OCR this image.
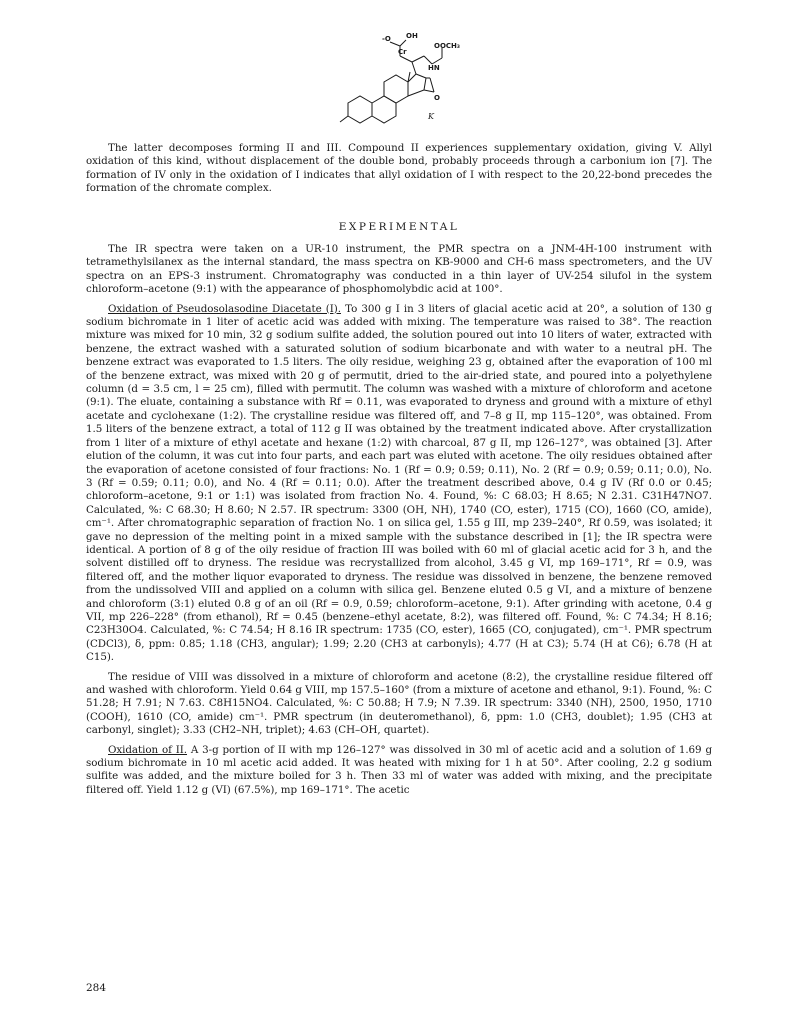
-O OH
Cr
OOCH₃
HN
O
K

The latter decomposes forming II and III. Compound II experiences supplementary oxidation, giving V. Allyl oxidation of this kind, without displacement of the double bond, probably proceeds through a carbonium ion [7]. The formation of IV only in the oxidation of I indicates that allyl oxidation of I with respect to the 20,22-bond precedes the formation of the chromate complex.

EXPERIMENTAL

The IR spectra were taken on a UR-10 instrument, the PMR spectra on a JNM-4H-100 instrument with tetramethylsilanex as the internal standard, the mass spectra on KB-9000 and CH-6 mass spectrometers, and the UV spectra on an EPS-3 instrument. Chromatography was conducted in a thin layer of UV-254 silufol in the system chloroform–acetone (9:1) with the appearance of phosphomolybdic acid at 100°.

Oxidation of Pseudosolasodine Diacetate (I). To 300 g I in 3 liters of glacial acetic acid at 20°, a solution of 130 g sodium bichromate in 1 liter of acetic acid was added with mixing. The temperature was raised to 38°. The reaction mixture was mixed for 10 min, 32 g sodium sulfite added, the solution poured out into 10 liters of water, extracted with benzene, the extract washed with a saturated solution of sodium bicarbonate and with water to a neutral pH. The benzene extract was evaporated to 1.5 liters. The oily residue, weighing 23 g, obtained after the evaporation of 100 ml of the benzene extract, was mixed with 20 g of permutit, dried to the air-dried state, and poured into a polyethylene column (d = 3.5 cm, l = 25 cm), filled with permutit. The column was washed with a mixture of chloroform and acetone (9:1). The eluate, containing a substance with Rf = 0.11, was evaporated to dryness and ground with a mixture of ethyl acetate and cyclohexane (1:2). The crystalline residue was filtered off, and 7–8 g II, mp 115–120°, was obtained. From 1.5 liters of the benzene extract, a total of 112 g II was obtained by the treatment indicated above. After crystallization from 1 liter of a mixture of ethyl acetate and hexane (1:2) with charcoal, 87 g II, mp 126–127°, was obtained [3]. After elution of the column, it was cut into four parts, and each part was eluted with acetone. The oily residues obtained after the evaporation of acetone consisted of four fractions: No. 1 (Rf = 0.9; 0.59; 0.11), No. 2 (Rf = 0.9; 0.59; 0.11; 0.0), No. 3 (Rf = 0.59; 0.11; 0.0), and No. 4 (Rf = 0.11; 0.0). After the treatment described above, 0.4 g IV (Rf 0.0 or 0.45; chloroform–acetone, 9:1 or 1:1) was isolated from fraction No. 4. Found, %: C 68.03; H 8.65; N 2.31. C31H47NO7. Calculated, %: C 68.30; H 8.60; N 2.57. IR spectrum: 3300 (OH, NH), 1740 (CO, ester), 1715 (CO), 1660 (CO, amide), cm⁻¹. After chromatographic separation of fraction No. 1 on silica gel, 1.55 g III, mp 239–240°, Rf 0.59, was isolated; it gave no depression of the melting point in a mixed sample with the substance described in [1]; the IR spectra were identical. A portion of 8 g of the oily residue of fraction III was boiled with 60 ml of glacial acetic acid for 3 h, and the solvent distilled off to dryness. The residue was recrystallized from alcohol, 3.45 g VI, mp 169–171°, Rf = 0.9, was filtered off, and the mother liquor evaporated to dryness. The residue was dissolved in benzene, the benzene removed from the undissolved VIII and applied on a column with silica gel. Benzene eluted 0.5 g VI, and a mixture of benzene and chloroform (3:1) eluted 0.8 g of an oil (Rf = 0.9, 0.59; chloroform–acetone, 9:1). After grinding with acetone, 0.4 g VII, mp 226–228° (from ethanol), Rf = 0.45 (benzene–ethyl acetate, 8:2), was filtered off. Found, %: C 74.34; H 8.16; C23H30O4. Calculated, %: C 74.54; H 8.16 IR spectrum: 1735 (CO, ester), 1665 (CO, conjugated), cm⁻¹. PMR spectrum (CDCl3), δ, ppm: 0.85; 1.18 (CH3, angular); 1.99; 2.20 (CH3 at carbonyls); 4.77 (H at C3); 5.74 (H at C6); 6.78 (H at C15).

The residue of VIII was dissolved in a mixture of chloroform and acetone (8:2), the crystalline residue filtered off and washed with chloroform. Yield 0.64 g VIII, mp 157.5–160° (from a mixture of acetone and ethanol, 9:1). Found, %: C 51.28; H 7.91; N 7.63. C8H15NO4. Calculated, %: C 50.88; H 7.9; N 7.39. IR spectrum: 3340 (NH), 2500, 1950, 1710 (COOH), 1610 (CO, amide) cm⁻¹. PMR spectrum (in deuteromethanol), δ, ppm: 1.0 (CH3, doublet); 1.95 (CH3 at carbonyl, singlet); 3.33 (CH2–NH, triplet); 4.63 (CH–OH, quartet).

Oxidation of II. A 3-g portion of II with mp 126–127° was dissolved in 30 ml of acetic acid and a solution of 1.69 g sodium bichromate in 10 ml acetic acid added. It was heated with mixing for 1 h at 50°. After cooling, 2.2 g sodium sulfite was added, and the mixture boiled for 3 h. Then 33 ml of water was added with mixing, and the precipitate filtered off. Yield 1.12 g (VI) (67.5%), mp 169–171°. The acetic

284
